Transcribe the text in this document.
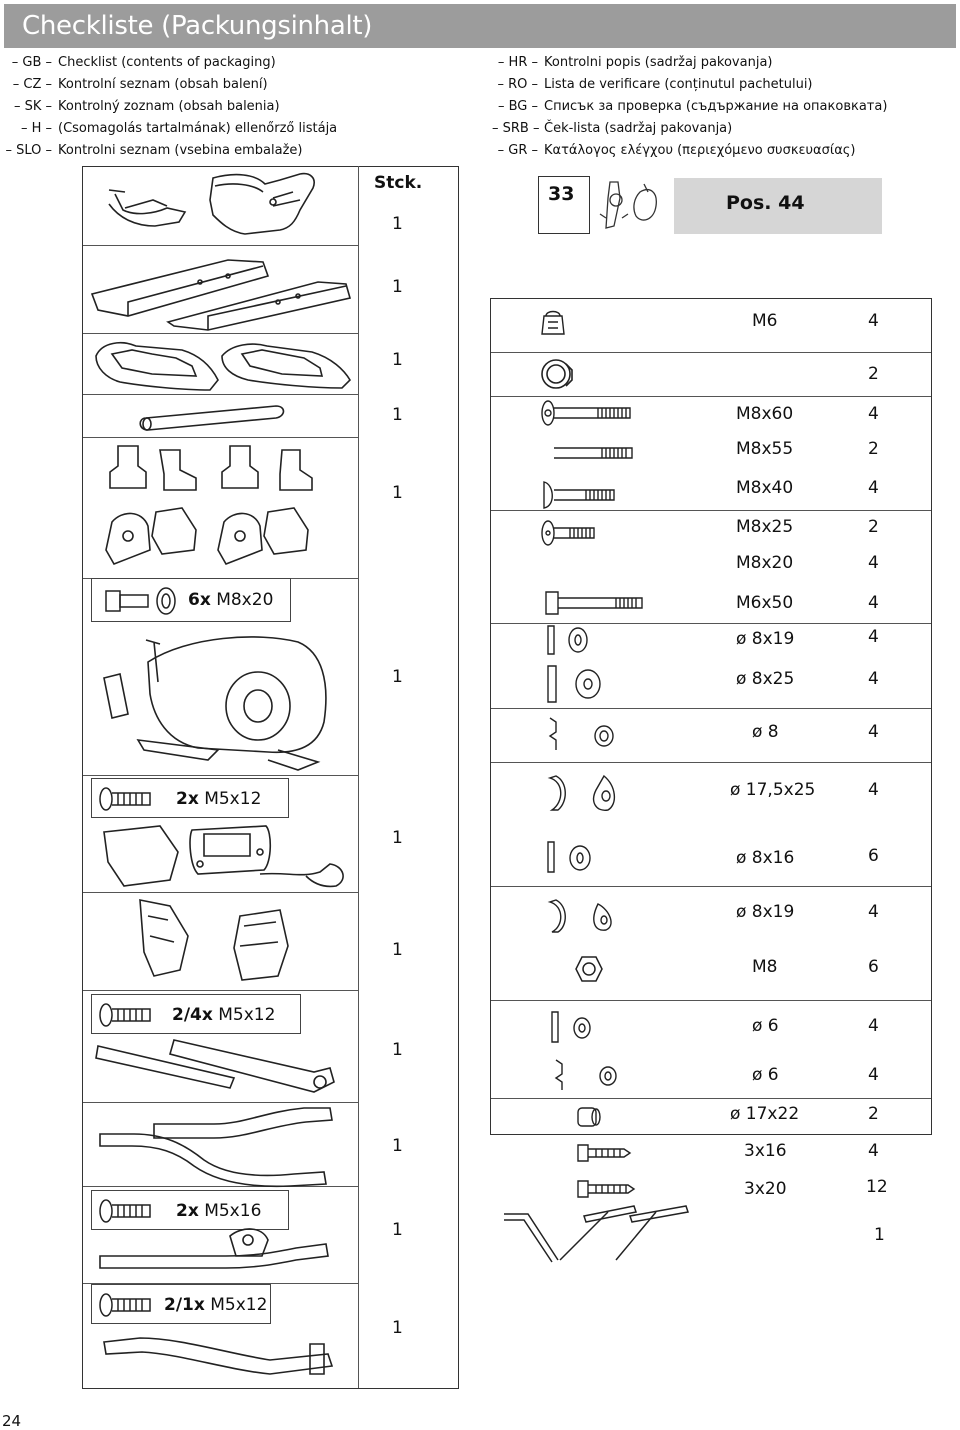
Checkliste (Packungsinhalt)
– GB – Checklist (contents of packaging)
– CZ – Kontrolní seznam (obsah balení)
– SK – Kontrolný zoznam (obsah balenia)
– H – (Csomagolás tartalmának) ellenőrző listája
– SLO – Kontrolni seznam (vsebina embalaže)
– HR – Kontrolni popis (sadržaj pakovanja)
– RO – Lista de verificare (conținutul pachetului)
– BG – Списък за проверка (съдържание на опаковката)
– SRB – Ček-lista (sadržaj pakovanja)
– GR – Κατάλογος ελέγχου (περιεχόμενο συσκευασίας)
Stck.
1
1
1
1
1
1
1
1
1
1
1
1
6x M8x20
2x M5x12
2/4x M5x12
2x M5x16
2/1x M5x12
33	Pos. 44
M6	4
2
M8x60	4
M8x55	2
M8x40	4
M8x25	2
M8x20	4
M6x50	4
ø 8x19	4
ø 8x25	4
ø 8	4
ø 17,5x25	4
ø 8x16	6
ø 8x19	4
M8	6
ø 6	4
ø 6	4
ø 17x22	2
3x16	4
3x20	12
1
24
